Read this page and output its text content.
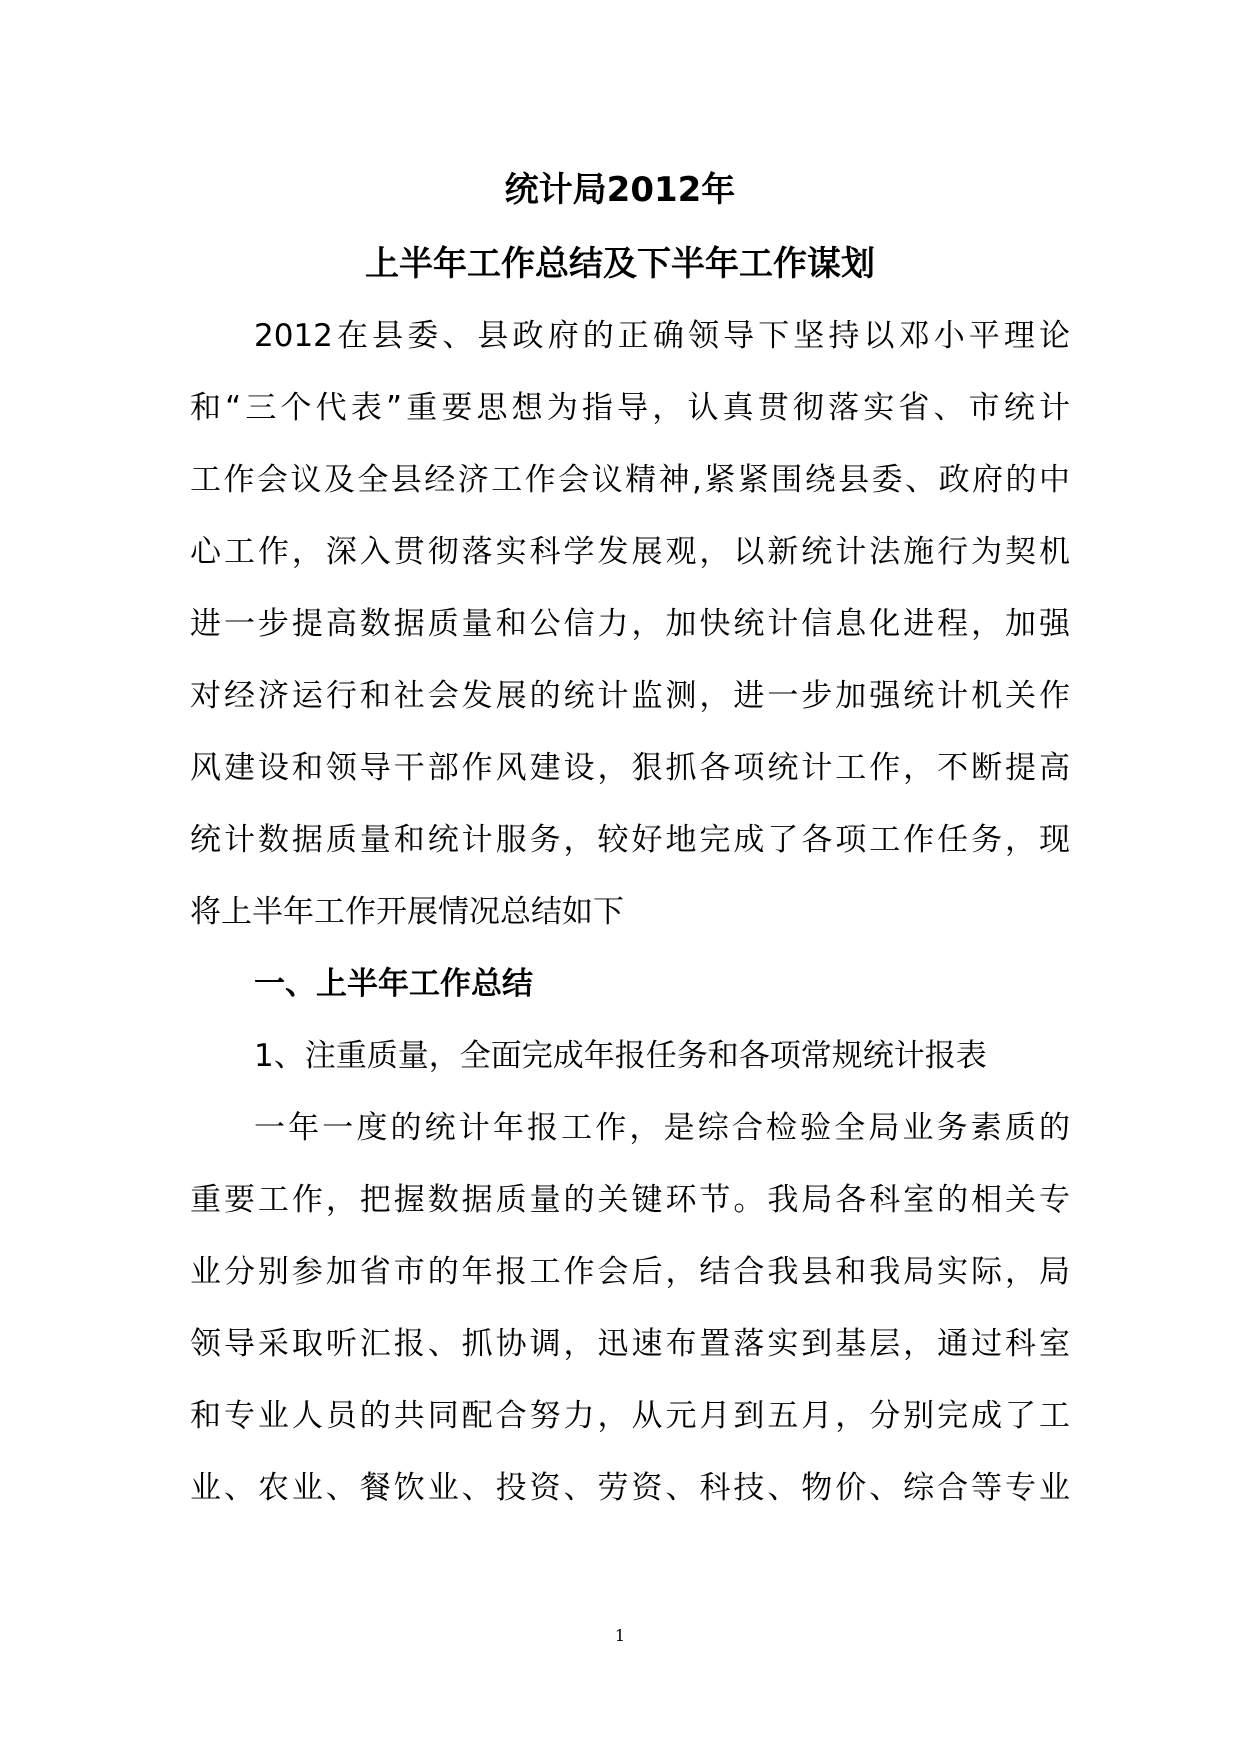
统计局2012年
上半年工作总结及下半年工作谋划
2012在县委、县政府的正确领导下坚持以邓小平理论
和“三个代表”重要思想为指导，认真贯彻落实省、市统计
工作会议及全县经济工作会议精神,紧紧围绕县委、政府的中
心工作，深入贯彻落实科学发展观，以新统计法施行为契机
进一步提高数据质量和公信力，加快统计信息化进程，加强
对经济运行和社会发展的统计监测，进一步加强统计机关作
风建设和领导干部作风建设，狠抓各项统计工作，不断提高
统计数据质量和统计服务，较好地完成了各项工作任务，现
将上半年工作开展情况总结如下
一、上半年工作总结
1、注重质量，全面完成年报任务和各项常规统计报表
一年一度的统计年报工作，是综合检验全局业务素质的
重要工作，把握数据质量的关键环节。我局各科室的相关专
业分别参加省市的年报工作会后，结合我县和我局实际，局
领导采取听汇报、抓协调，迅速布置落实到基层，通过科室
和专业人员的共同配合努力，从元月到五月，分别完成了工
业、农业、餐饮业、投资、劳资、科技、物价、综合等专业
1
